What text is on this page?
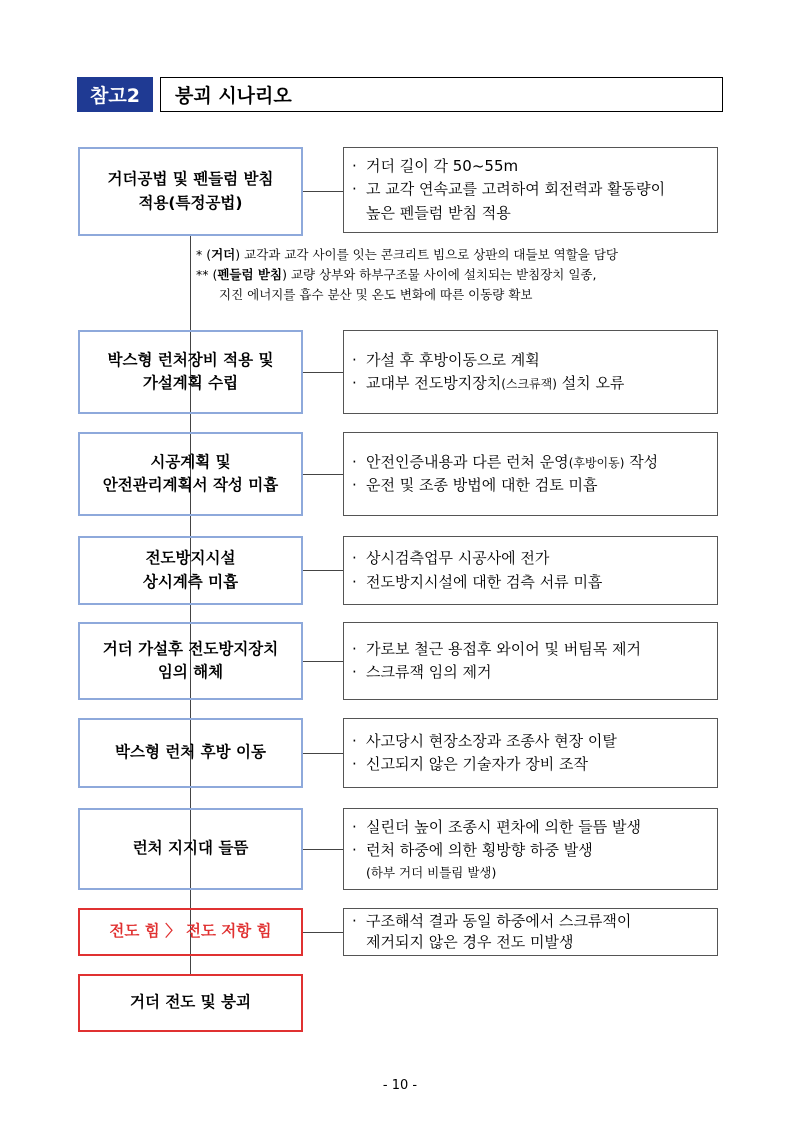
참고2	붕괴 시나리오
거더공법 및 펜들럼 받침
적용(특정공법)
· 거더 길이 각 50~55m
· 고 교각 연속교를 고려하여 회전력과 활동량이
높은 펜들럼 받침 적용
* (거더) 교각과 교각 사이를 잇는 콘크리트 빔으로 상판의 대들보 역할을 담당
** (펜들럼 받침) 교량 상부와 하부구조물 사이에 설치되는 받침장치 일종,
지진 에너지를 흡수 분산 및 온도 변화에 따른 이동량 확보
박스형 런처장비 적용 및
가설계획 수립
· 가설 후 후방이동으로 계획
· 교대부 전도방지장치(스크류잭) 설치 오류
시공계획 및
안전관리계획서 작성 미흡
· 안전인증내용과 다른 런처 운영(후방이동) 작성
· 운전 및 조종 방법에 대한 검토 미흡
전도방지시설
상시계측 미흡
· 상시검측업무 시공사에 전가
· 전도방지시설에 대한 검측 서류 미흡
거더 가설후 전도방지장치
임의 해체
· 가로보 철근 용접후 와이어 및 버팀목 제거
· 스크류잭 임의 제거
박스형 런처 후방 이동
· 사고당시 현장소장과 조종사 현장 이탈
· 신고되지 않은 기술자가 장비 조작
런처 지지대 들뜸
· 실린더 높이 조종시 편차에 의한 들뜸 발생
· 런처 하중에 의한 횡방향 하중 발생
(하부 거더 비틀림 발생)
전도 힘 〉 전도 저항 힘
· 구조해석 결과 동일 하중에서 스크류잭이
제거되지 않은 경우 전도 미발생
거더 전도 및 붕괴
- 10 -
